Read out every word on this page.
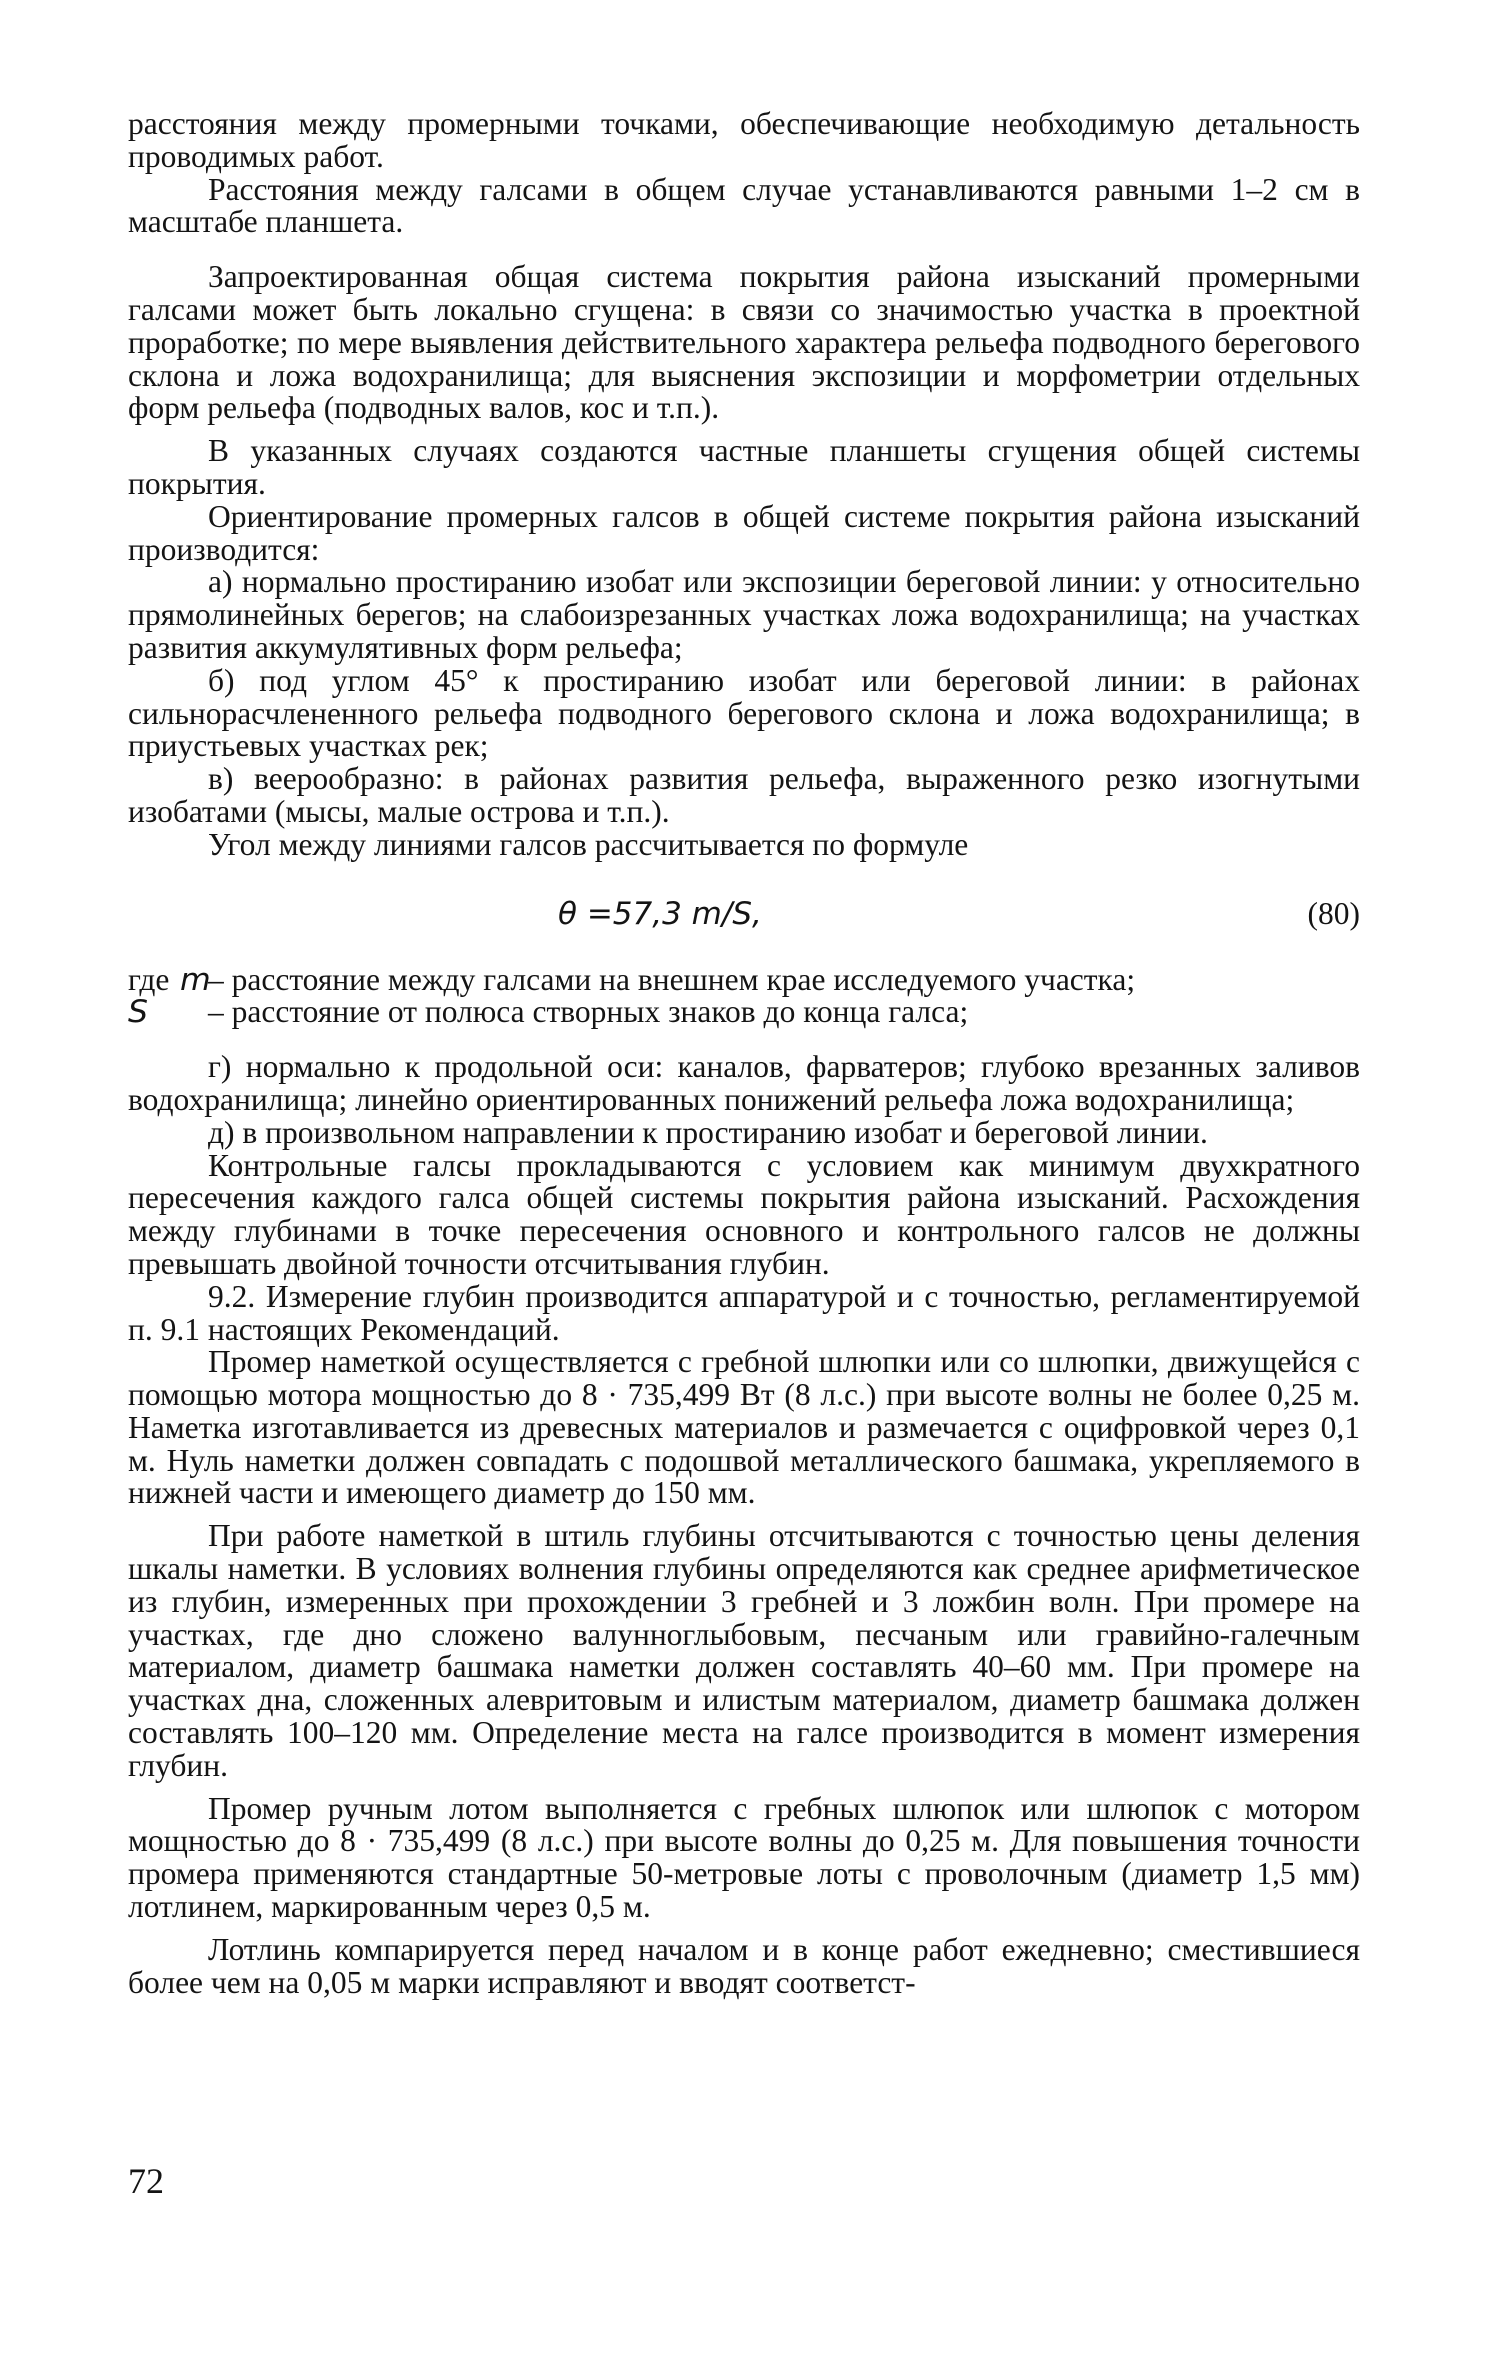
расстояния между промерными точками, обеспечивающие необходимую детальность проводимых работ.

Расстояния между галсами в общем случае устанавливаются равными 1–2 см в масштабе планшета.

Запроектированная общая система покрытия района изысканий промерными галсами может быть локально сгущена: в связи со значимостью участка в проектной проработке; по мере выявления действительного характера рельефа подводного берегового склона и ложа водохранилища; для выяснения экспозиции и морфометрии отдельных форм рельефа (подводных валов, кос и т.п.).

В указанных случаях создаются частные планшеты сгущения общей системы покрытия.

Ориентирование промерных галсов в общей системе покрытия района изысканий производится:

а) нормально простиранию изобат или экспозиции береговой линии: у относительно прямолинейных берегов; на слабоизрезанных участках ложа водохранилища; на участках развития аккумулятивных форм рельефа;

б) под углом 45° к простиранию изобат или береговой линии: в районах сильнорасчлененного рельефа подводного берегового склона и ложа водохранилища; в приустьевых участках рек;

в) веерообразно: в районах развития рельефа, выраженного резко изогнутыми изобатами (мысы, малые острова и т.п.).

Угол между линиями галсов рассчитывается по формуле

θ =57,3 m/S,	(80)
где m
– расстояние между галсами на внешнем крае исследуемого участка;
S	– расстояние от полюса створных знаков до конца галса;

г) нормально к продольной оси: каналов, фарватеров; глубоко врезанных заливов водохранилища; линейно ориентированных понижений рельефа ложа водохранилища;

д) в произвольном направлении к простиранию изобат и береговой линии.

Контрольные галсы прокладываются с условием как минимум двухкратного пересечения каждого галса общей системы покрытия района изысканий. Расхождения между глубинами в точке пересечения основного и контрольного галсов не должны превышать двойной точности отсчитывания глубин.

9.2. Измерение глубин производится аппаратурой и с точностью, регламентируемой п. 9.1 настоящих Рекомендаций.

Промер наметкой осуществляется с гребной шлюпки или со шлюпки, движущейся с помощью мотора мощностью до 8 · 735,499 Вт (8 л.с.) при высоте волны не более 0,25 м. Наметка изготавливается из древесных материалов и размечается с оцифровкой через 0,1 м. Нуль наметки должен совпадать с подошвой металлического башмака, укрепляемого в нижней части и имеющего диаметр до 150 мм.

При работе наметкой в штиль глубины отсчитываются с точностью цены деления шкалы наметки. В условиях волнения глубины определяются как среднее арифметическое из глубин, измеренных при прохождении 3 гребней и 3 ложбин волн. При промере на участках, где дно сложено валунноглыбовым, песчаным или гравийно-галечным материалом, диаметр башмака наметки должен составлять 40–60 мм. При промере на участках дна, сложенных алевритовым и илистым материалом, диаметр башмака должен составлять 100–120 мм. Определение места на галсе производится в момент измерения глубин.

Промер ручным лотом выполняется с гребных шлюпок или шлюпок с мотором мощностью до 8 · 735,499 (8 л.с.) при высоте волны до 0,25 м. Для повышения точности промера применяются стандартные 50-метровые лоты с проволочным (диаметр 1,5 мм) лотлинем, маркированным через 0,5 м.

Лотлинь компарируется перед началом и в конце работ ежедневно; сместившиеся более чем на 0,05 м марки исправляют и вводят соответст-

72
